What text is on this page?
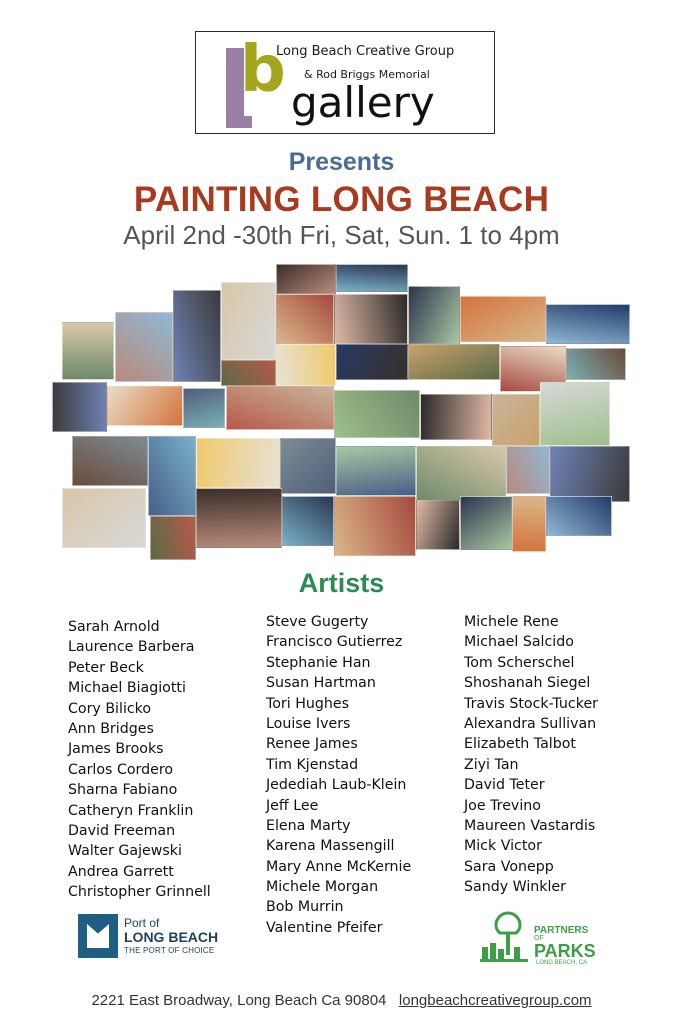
b
Long Beach Creative Group
& Rod Briggs Memorial
gallery
Presents
PAINTING LONG BEACH
April 2nd -30th Fri, Sat, Sun. 1 to 4pm
Artists
Sarah Arnold
Laurence Barbera
Peter Beck
Michael Biagiotti
Cory Bilicko
Ann Bridges
James Brooks
Carlos Cordero
Sharna Fabiano
Catheryn Franklin
David Freeman
Walter Gajewski
Andrea Garrett
Christopher Grinnell
Steve Gugerty
Francisco Gutierrez
Stephanie Han
Susan Hartman
Tori Hughes
Louise Ivers
Renee James
Tim Kjenstad
Jedediah Laub-Klein
Jeff Lee
Elena Marty
Karena Massengill
Mary Anne McKernie
Michele Morgan
Bob Murrin
Valentine Pfeifer
Michele Rene
Michael Salcido
Tom Scherschel
Shoshanah Siegel
Travis Stock-Tucker
Alexandra Sullivan
Elizabeth Talbot
Ziyi Tan
David Teter
Joe Trevino
Maureen Vastardis
Mick Victor
Sara Vonepp
Sandy Winkler
Port of
LONG BEACH
THE PORT OF CHOICE
PARTNERS
OF
PARKS
LONG BEACH, CA
2221 East Broadway, Long Beach Ca 90804 longbeachcreativegroup.com
